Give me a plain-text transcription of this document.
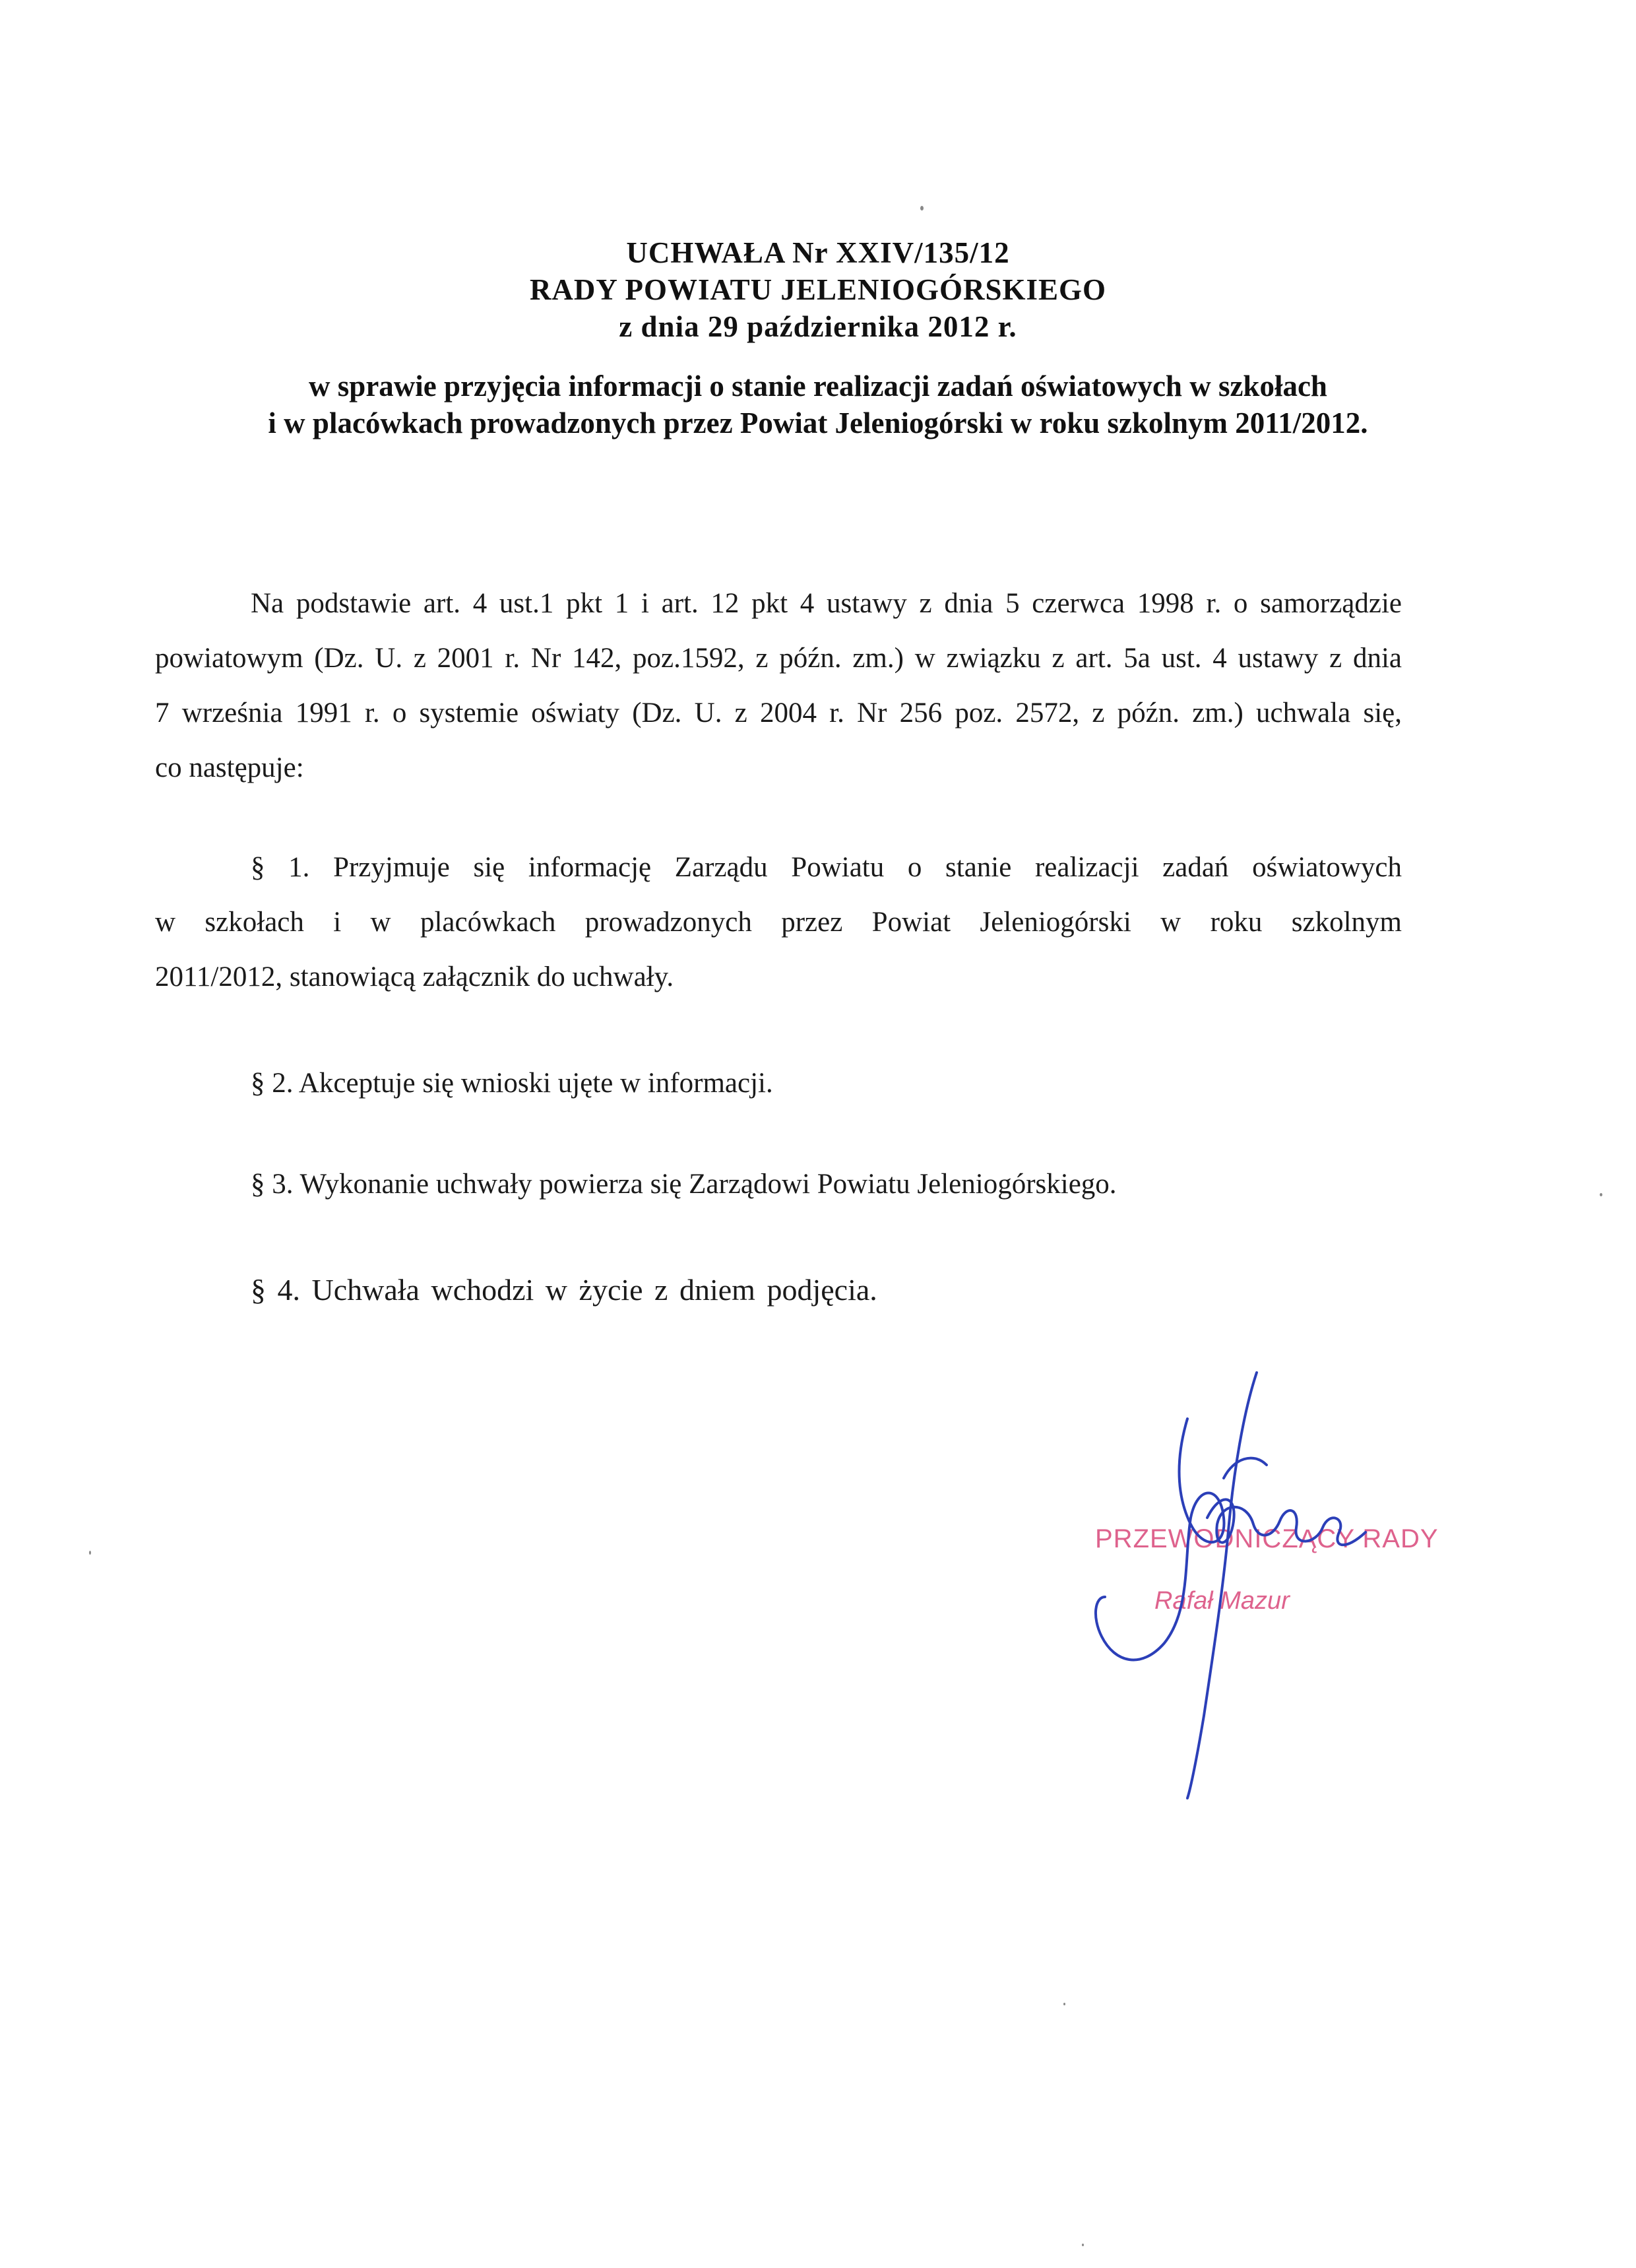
UCHWAŁA Nr XXIV/135/12
RADY POWIATU JELENIOGÓRSKIEGO
z dnia 29 października 2012 r.
w sprawie przyjęcia informacji o stanie realizacji zadań oświatowych w szkołach
i w placówkach prowadzonych przez Powiat Jeleniogórski w roku szkolnym 2011/2012.
Na podstawie art. 4 ust.1 pkt 1 i art. 12 pkt 4 ustawy z dnia 5 czerwca 1998 r. o samorządzie
powiatowym (Dz. U. z 2001 r. Nr 142, poz.1592, z późn. zm.) w związku z art. 5a ust. 4 ustawy z dnia
7 września 1991 r. o systemie oświaty (Dz. U. z 2004 r. Nr 256 poz. 2572, z późn. zm.) uchwala się,
co następuje:
§ 1. Przyjmuje się informację Zarządu Powiatu o stanie realizacji zadań oświatowych
w szkołach i w placówkach prowadzonych przez Powiat Jeleniogórski w roku szkolnym
2011/2012, stanowiącą załącznik do uchwały.
§ 2. Akceptuje się wnioski ujęte w informacji.
§ 3. Wykonanie uchwały powierza się Zarządowi Powiatu Jeleniogórskiego.
§ 4. Uchwała wchodzi w życie z dniem podjęcia.
PRZEWODNICZĄCY RADY
Rafał Mazur
